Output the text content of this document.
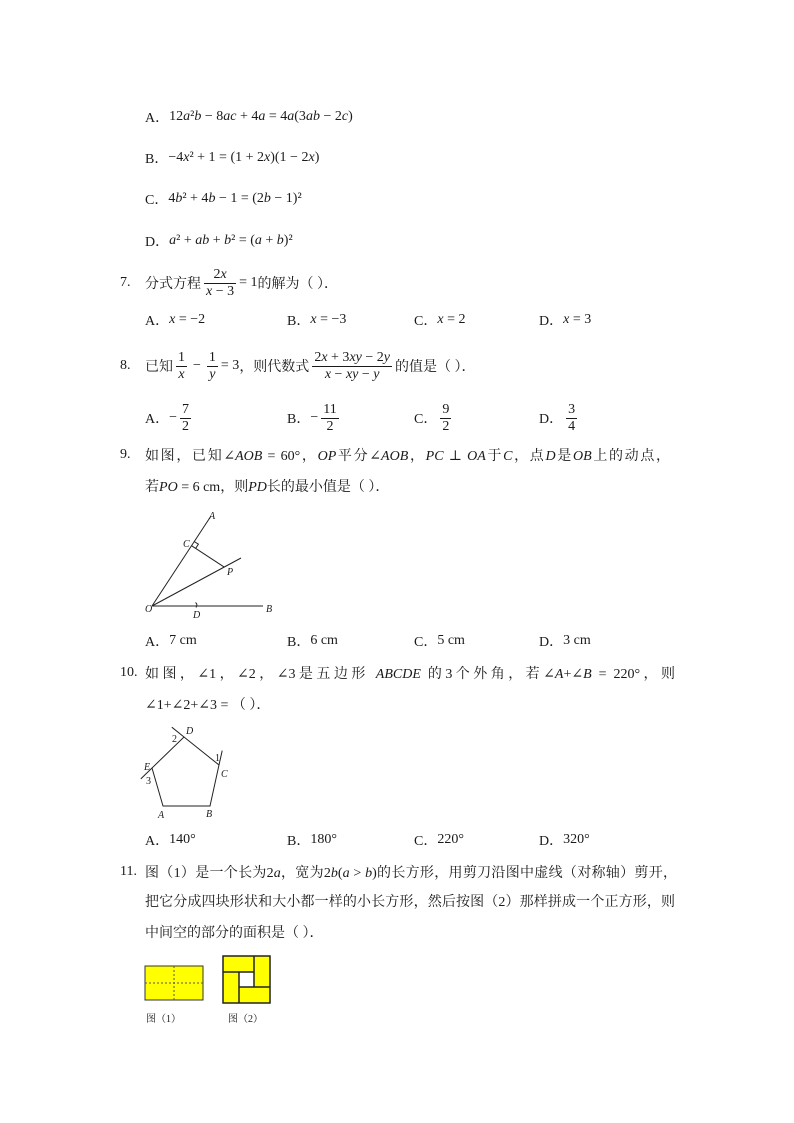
A． 12a²b − 8ac + 4a = 4a(3ab − 2c)
B． −4x² + 1 = (1 + 2x)(1 − 2x)
C． 4b² + 4b − 1 = (2b − 1)²
D． a² + ab + b² = (a + b)²
7.	分式方程 $\frac{2x}{x - 3} = 1$ 的解为（ ）．
A． x = −2	B． x = −3	C． x = 2	D． x = 3
8.	已知 $\frac{1}{x} - \frac{1}{y} = 3$ ，则代数式 $\frac{2x + 3xy - 2y}{x - xy - y}$ 的值是（ ）．
A． − $\frac{7}{2}$	B． − $\frac{11}{2}$	C． $\frac{9}{2}$	D． $\frac{3}{4}$
9.	如图，已知∠AOB = 60°，OP平分∠AOB，PC ⊥ OA于C，点D是OB上的动点，
若PO = 6 cm，则PD长的最小值是（ ）．
A
C
P
O
D
B
A． 7 cm	B． 6 cm	C． 5 cm	D． 3 cm
10. 如图，∠1，∠2，∠3是五边形 ABCDE 的3个外角，若∠A+∠B = 220°，则
∠1+∠2+∠3 = （ ）．
D
2
1
C
E
3
A	B
A． 140°	B． 180°	C． 220°	D． 320°
11. 图（1）是一个长为2a，宽为2b(a > b)的长方形，用剪刀沿图中虚线（对称轴）剪开，
把它分成四块形状和大小都一样的小长方形，然后按图（2）那样拼成一个正方形，则
中间空的部分的面积是（ ）．
图（1）	图（2）
